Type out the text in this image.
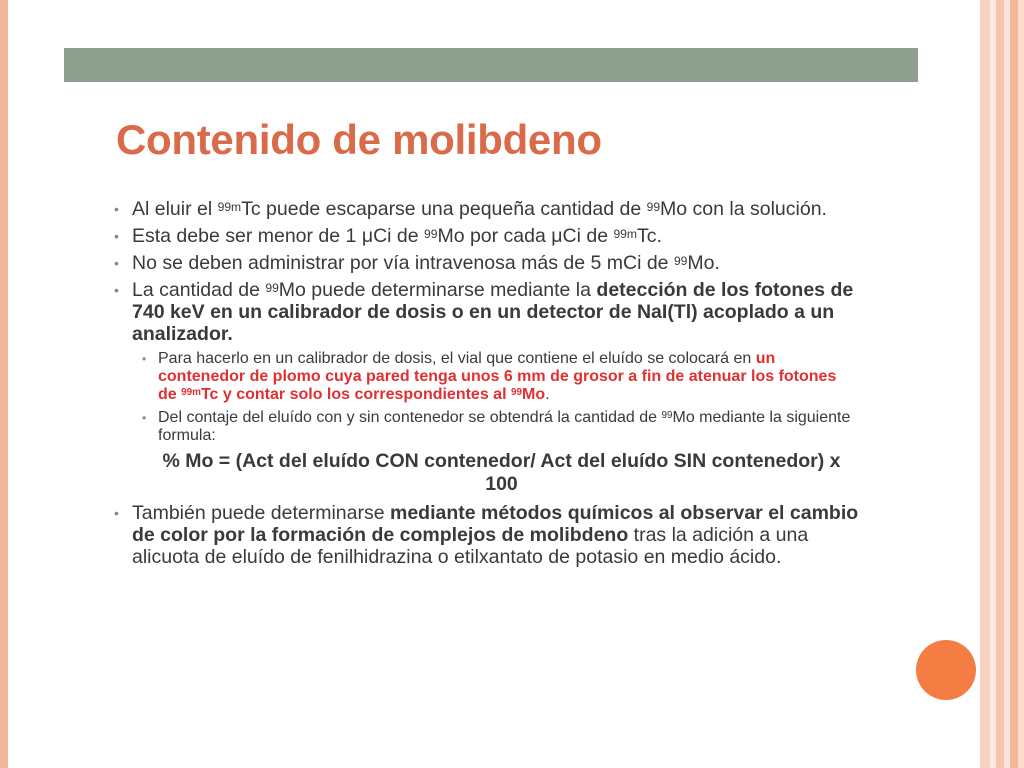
Contenido de molibdeno
• Al eluir el $^{99m}$Tc puede escaparse una pequeña cantidad de $^{99}$Mo con la solución.
• Esta debe ser menor de 1 μCi de $^{99}$Mo por cada μCi de $^{99m}$Tc.
• No se deben administrar por vía intravenosa más de 5 mCi de $^{99}$Mo.
• La cantidad de $^{99}$Mo puede determinarse mediante la detección de los fotones de 740 keV en un calibrador de dosis o en un detector de NaI(Tl) acoplado a un analizador.
• Para hacerlo en un calibrador de dosis, el vial que contiene el eluído se colocará en un contenedor de plomo cuya pared tenga unos 6 mm de grosor a fin de atenuar los fotones de $^{99m}$Tc y contar solo los correspondientes al $^{99}$Mo.
• Del contaje del eluído con y sin contenedor se obtendrá la cantidad de $^{99}$Mo mediante la siguiente formula:
% Mo = (Act del eluído CON contenedor/ Act del eluído SIN contenedor) x 100
• También puede determinarse mediante métodos químicos al observar el cambio de color por la formación de complejos de molibdeno tras la adición a una alicuota de eluído de fenilhidrazina o etilxantato de potasio en medio ácido.
